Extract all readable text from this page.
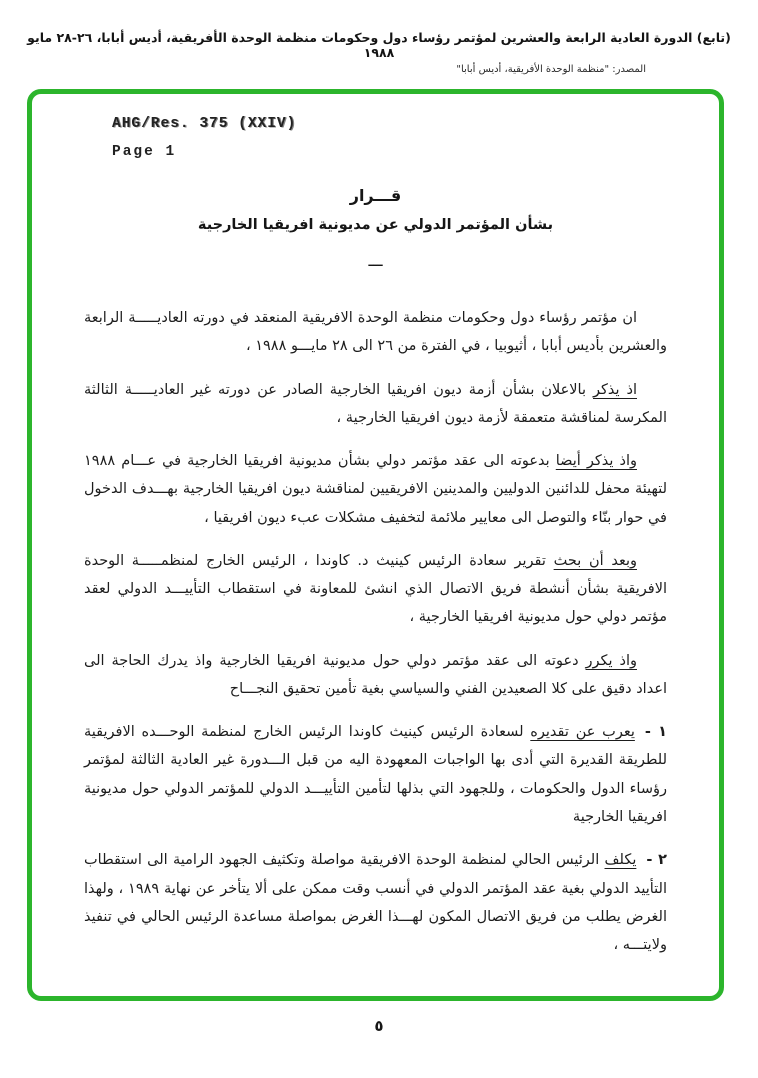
(تابع) الدورة العادية الرابعة والعشرين لمؤتمر رؤساء دول وحكومات منظمة الوحدة الأفريقية، أديس أبابا، ٢٦-٢٨ مايو ١٩٨٨
المصدر: "منظمة الوحدة الأفريقية، أديس أبابا"
AHG/Res. 375 (XXIV)
Page 1
قـــرار
بشأن المؤتمر الدولي عن مديونية افريقيا الخارجية
ـــ

ان مؤتمر رؤساء دول وحكومات منظمة الوحدة الافريقية المنعقد في دورته العاديـــــة الرابعة والعشرين بأديس أبابا ، أثيوبيا ، في الفترة من ٢٦ الى ٢٨ مايـــو ١٩٨٨ ،

اذ يذكر بالاعلان بشأن أزمة ديون افريقيا الخارجية الصادر عن دورته غير العاديـــــة الثالثة المكرسة لمناقشة متعمقة لأزمة ديون افريقيا الخارجية ،

واذ يذكر أيضا بدعوته الى عقد مؤتمر دولي بشأن مديونية افريقيا الخارجية في عـــام ١٩٨٨ لتهيئة محفل للدائنين الدوليين والمدينين الافريقيين لمناقشة ديون افريقيا الخارجية بهـــدف الدخول في حوار بنّاء والتوصل الى معايير ملائمة لتخفيف مشكلات عبء ديون افريقيا ،

وبعد أن بحث تقرير سعادة الرئيس كينيث د. كاوندا ، الرئيس الخارج لمنظمـــــة الوحدة الافريقية بشأن أنشطة فريق الاتصال الذي انشئ للمعاونة في استقطاب التأييـــد الدولي لعقد مؤتمر دولي حول مديونية افريقيا الخارجية ،

واذ يكرر دعوته الى عقد مؤتمر دولي حول مديونية افريقيا الخارجية واذ يدرك الحاجة الى اعداد دقيق على كلا الصعيدين الفني والسياسي بغية تأمين تحقيق النجـــاح

١ -يعرب عن تقديره لسعادة الرئيس كينيث كاوندا الرئيس الخارج لمنظمة الوحـــده الافريقية للطريقة القديرة التي أدى بها الواجبات المعهودة اليه من قبل الـــدورة غير العادية الثالثة لمؤتمر رؤساء الدول والحكومات ، وللجهود التي بذلها لتأمين التأييـــد الدولي للمؤتمر الدولي حول مديونية افريقيا الخارجية

٢ -يكلف الرئيس الحالي لمنظمة الوحدة الافريقية مواصلة وتكثيف الجهود الرامية الى استقطاب التأييد الدولي بغية عقد المؤتمر الدولي في أنسب وقت ممكن على ألا يتأخر عن نهاية ١٩٨٩ ، ولهذا الغرض يطلب من فريق الاتصال المكون لهـــذا الغرض بمواصلة مساعدة الرئيس الحالي في تنفيذ ولايتـــه ،

٥
